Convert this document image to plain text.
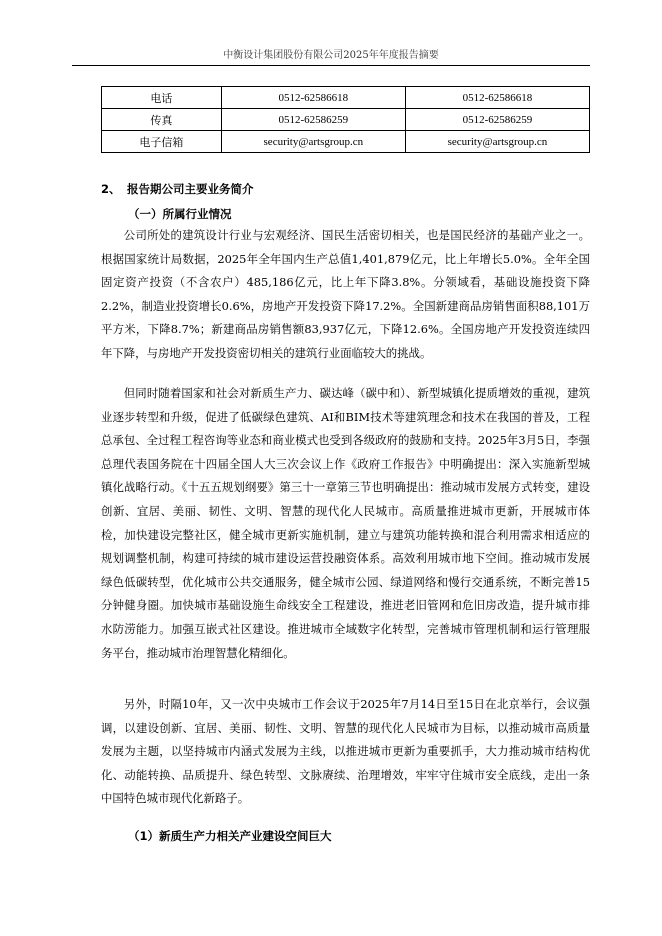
中衡设计集团股份有限公司2025年年度报告摘要
电话	0512-62586618	0512-62586618
传真	0512-62586259	0512-62586259
电子信箱	security@artsgroup.cn	security@artsgroup.cn
2、 报告期公司主要业务简介
（一）所属行业情况

公司所处的建筑设计行业与宏观经济、国民生活密切相关，也是国民经济的基础产业之一。根据国家统计局数据，2025年全年国内生产总值1,401,879亿元，比上年增长5.0%。全年全国固定资产投资（不含农户）485,186亿元，比上年下降3.8%。分领域看，基础设施投资下降2.2%，制造业投资增长0.6%，房地产开发投资下降17.2%。全国新建商品房销售面积88,101万平方米，下降8.7%；新建商品房销售额83,937亿元，下降12.6%。全国房地产开发投资连续四年下降，与房地产开发投资密切相关的建筑行业面临较大的挑战。

但同时随着国家和社会对新质生产力、碳达峰（碳中和）、新型城镇化提质增效的重视，建筑业逐步转型和升级，促进了低碳绿色建筑、AI和BIM技术等建筑理念和技术在我国的普及，工程总承包、全过程工程咨询等业态和商业模式也受到各级政府的鼓励和支持。2025年3月5日，李强总理代表国务院在十四届全国人大三次会议上作《政府工作报告》中明确提出：深入实施新型城镇化战略行动。《十五五规划纲要》第三十一章第三节也明确提出：推动城市发展方式转变，建设创新、宜居、美丽、韧性、文明、智慧的现代化人民城市。高质量推进城市更新，开展城市体检，加快建设完整社区，健全城市更新实施机制，建立与建筑功能转换和混合利用需求相适应的规划调整机制，构建可持续的城市建设运营投融资体系。高效利用城市地下空间。推动城市发展绿色低碳转型，优化城市公共交通服务，健全城市公园、绿道网络和慢行交通系统，不断完善15分钟健身圈。加快城市基础设施生命线安全工程建设，推进老旧管网和危旧房改造，提升城市排水防涝能力。加强互嵌式社区建设。推进城市全域数字化转型，完善城市管理机制和运行管理服务平台，推动城市治理智慧化精细化。

另外，时隔10年，又一次中央城市工作会议于2025年7月14日至15日在北京举行，会议强调，以建设创新、宜居、美丽、韧性、文明、智慧的现代化人民城市为目标，以推动城市高质量发展为主题，以坚持城市内涵式发展为主线，以推进城市更新为重要抓手，大力推动城市结构优化、动能转换、品质提升、绿色转型、文脉赓续、治理增效，牢牢守住城市安全底线，走出一条中国特色城市现代化新路子。

（1）新质生产力相关产业建设空间巨大
